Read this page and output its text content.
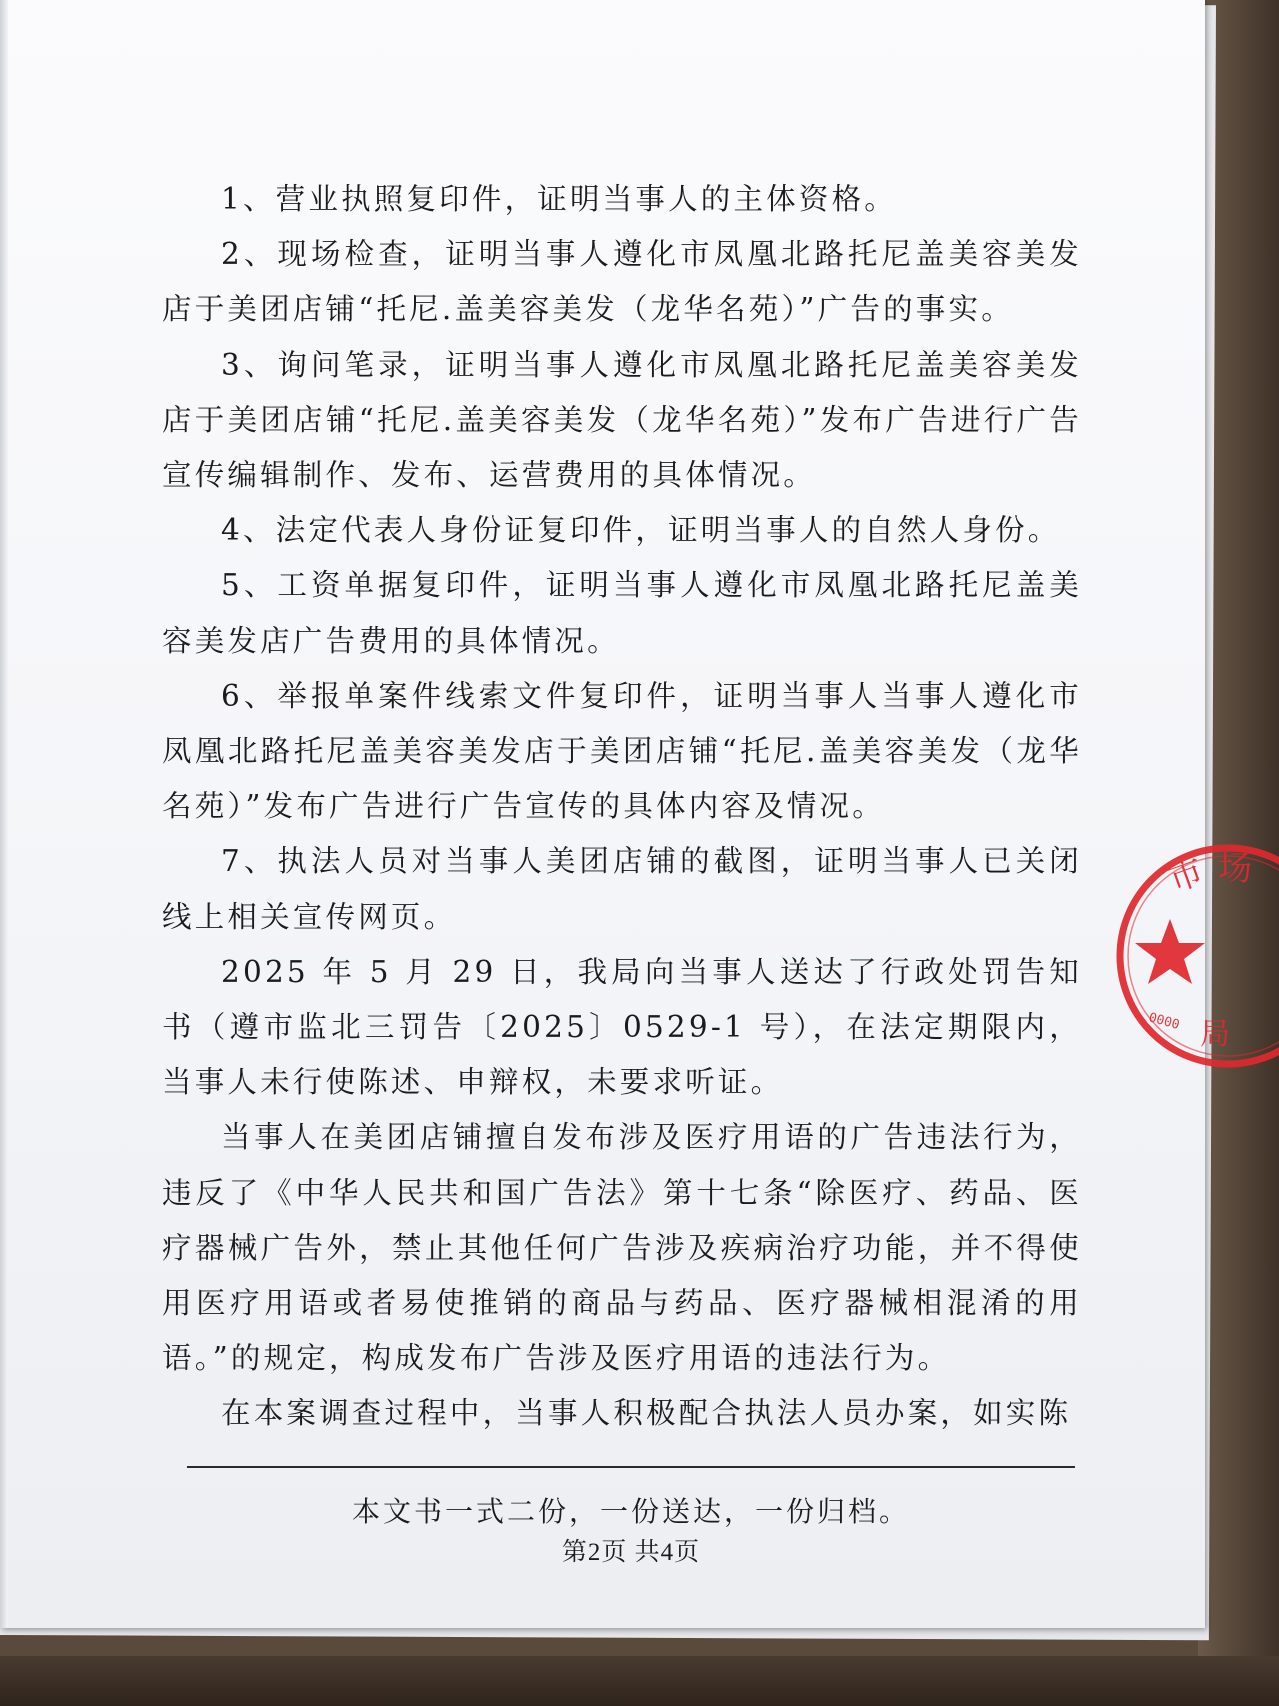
1、营业执照复印件，证明当事人的主体资格。

2、现场检查，证明当事人遵化市凤凰北路托尼盖美容美发店于美团店铺“托尼.盖美容美发（龙华名苑）”广告的事实。

3、询问笔录，证明当事人遵化市凤凰北路托尼盖美容美发店于美团店铺“托尼.盖美容美发（龙华名苑）”发布广告进行广告宣传编辑制作、发布、运营费用的具体情况。

4、法定代表人身份证复印件，证明当事人的自然人身份。

5、工资单据复印件，证明当事人遵化市凤凰北路托尼盖美容美发店广告费用的具体情况。

6、举报单案件线索文件复印件，证明当事人当事人遵化市凤凰北路托尼盖美容美发店于美团店铺“托尼.盖美容美发（龙华名苑）”发布广告进行广告宣传的具体内容及情况。

7、执法人员对当事人美团店铺的截图，证明当事人已关闭线上相关宣传网页。

2025 年 5 月 29 日，我局向当事人送达了行政处罚告知书（遵市监北三罚告〔2025〕0529-1 号），在法定期限内，当事人未行使陈述、申辩权，未要求听证。

当事人在美团店铺擅自发布涉及医疗用语的广告违法行为，违反了《中华人民共和国广告法》第十七条“除医疗、药品、医疗器械广告外，禁止其他任何广告涉及疾病治疗功能，并不得使用医疗用语或者易使推销的商品与药品、医疗器械相混淆的用语。”的规定，构成发布广告涉及医疗用语的违法行为。

在本案调查过程中，当事人积极配合执法人员办案，如实陈

本文书一式二份，一份送达，一份归档。
第2页 共4页
市 场
0000 局
